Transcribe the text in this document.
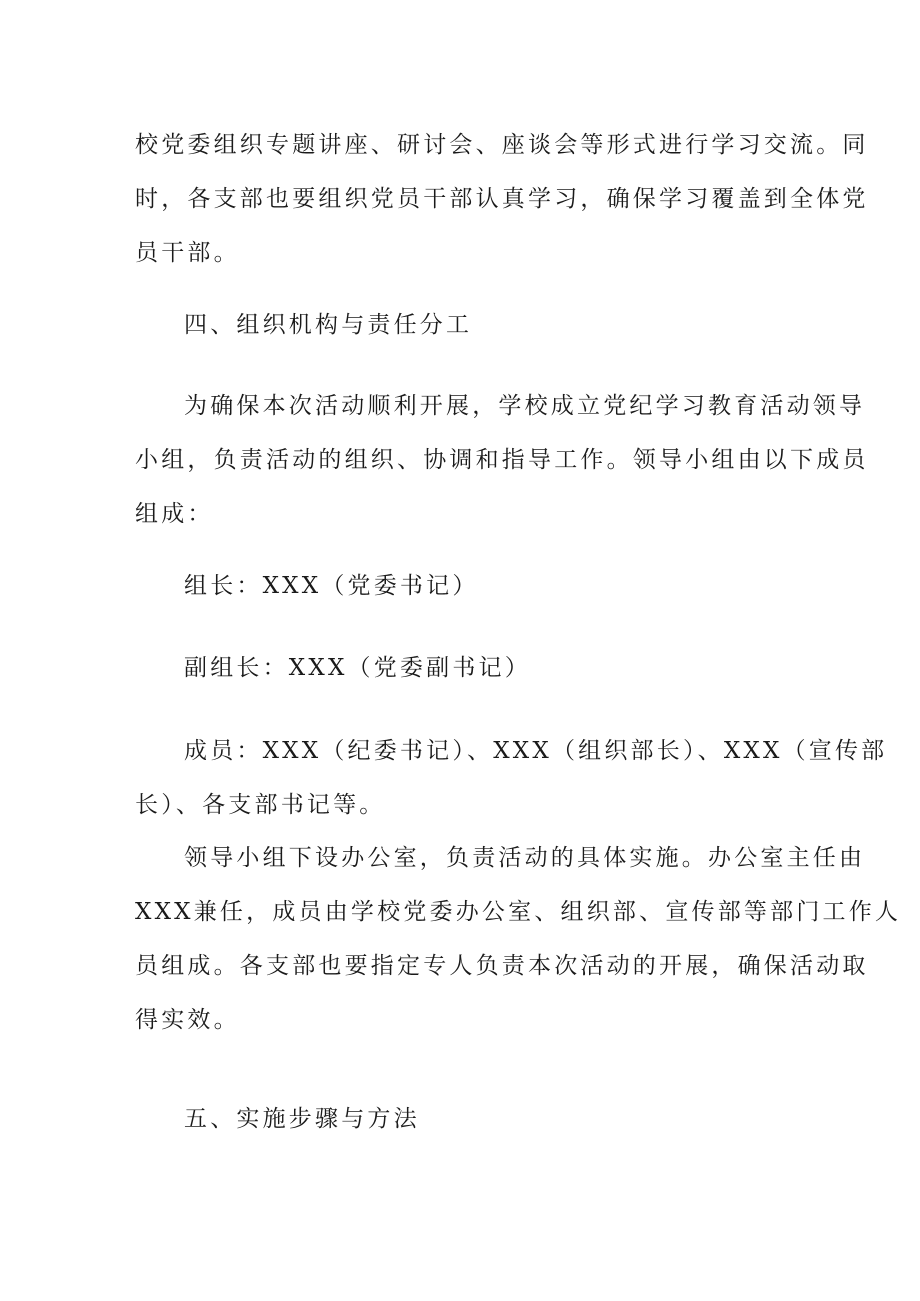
校党委组织专题讲座、研讨会、座谈会等形式进行学习交流。同
时，各支部也要组织党员干部认真学习，确保学习覆盖到全体党
员干部。
四、组织机构与责任分工
为确保本次活动顺利开展，学校成立党纪学习教育活动领导
小组，负责活动的组织、协调和指导工作。领导小组由以下成员
组成：
组长：XXX（党委书记）
副组长：XXX（党委副书记）
成员：XXX（纪委书记）、XXX（组织部长）、XXX（宣传部
长）、各支部书记等。
领导小组下设办公室，负责活动的具体实施。办公室主任由
XXX兼任，成员由学校党委办公室、组织部、宣传部等部门工作人
员组成。各支部也要指定专人负责本次活动的开展，确保活动取
得实效。
五、实施步骤与方法
